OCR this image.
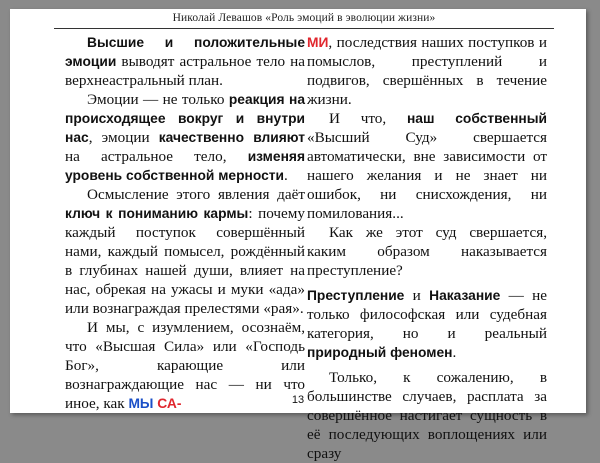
Николай Левашов «Роль эмоций в эволюции жизни»

Высшие и положительные эмоции выводят астральное тело на верхнеастральный план.

Эмоции — не только реакция на происходящее вокруг и внутри нас, эмоции качественно влияют на астральное тело, изменяя уровень собственной мерности.

Осмысление этого явления даёт ключ к пониманию кармы: почему каждый поступок совершённый нами, каждый помысел, рождённый в глубинах нашей души, влияет на нас, обрекая на ужасы и муки «ада» или вознаграждая прелестями «рая».

И мы, с изумлением, осознаём, что «Высшая Сила» или «Господь Бог», карающие или вознаграждающие нас — ни что иное, как МЫ СА-

МИ, последствия наших поступков и помыслов, преступлений и подвигов, свершённых в течение жизни.

И что, наш собственный «Высший Суд» свершается автоматически, вне зависимости от нашего желания и не знает ни ошибок, ни снисхождения, ни помилования...

Как же этот суд свершается, каким образом наказывается преступление?

Преступление и Наказание — не только философская или судебная категория, но и реальный природный феномен.

Только, к сожалению, в большинстве случаев, расплата за совершённое настигает сущность в её последующих воплощениях или сразу

13
